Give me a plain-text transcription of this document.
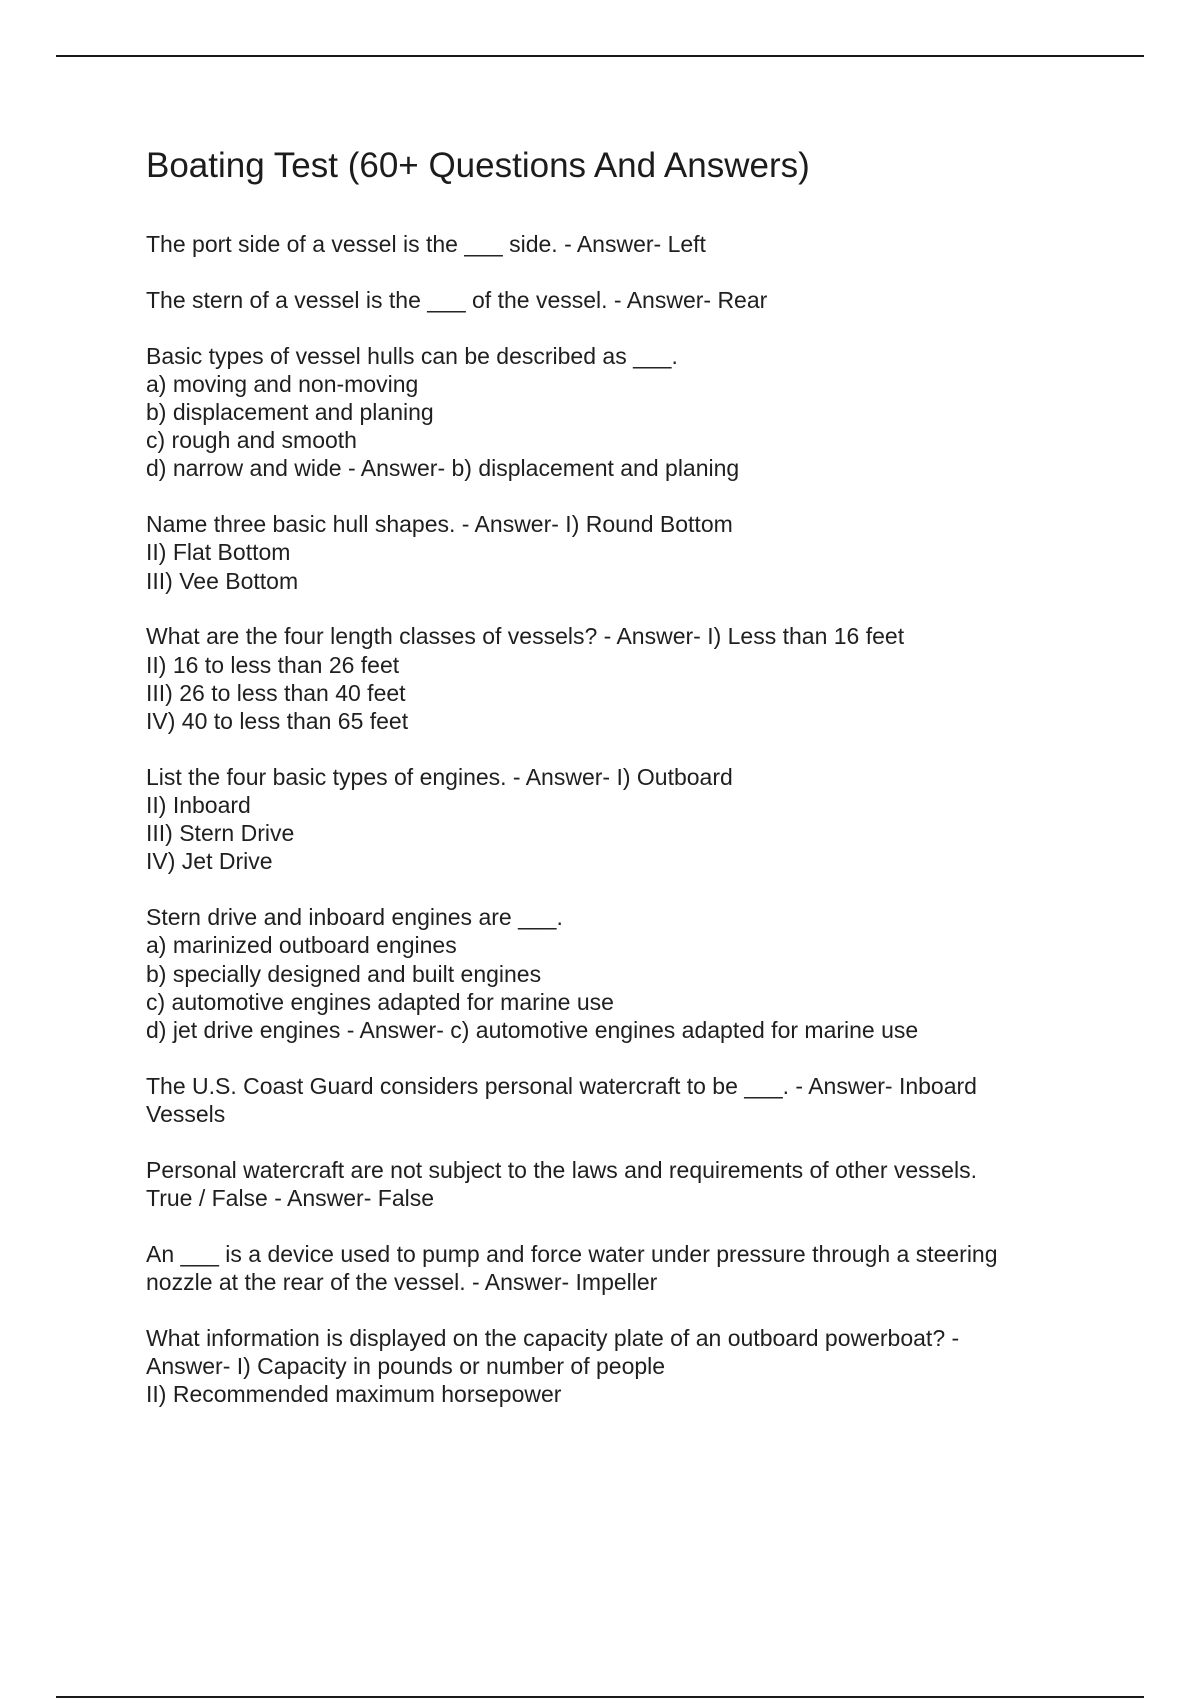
Boating Test (60+ Questions And Answers)
The port side of a vessel is the ___ side. - Answer- Left
The stern of a vessel is the ___ of the vessel. - Answer- Rear
Basic types of vessel hulls can be described as ___.
a) moving and non-moving
b) displacement and planing
c) rough and smooth
d) narrow and wide - Answer- b) displacement and planing
Name three basic hull shapes. - Answer- I) Round Bottom
II) Flat Bottom
III) Vee Bottom
What are the four length classes of vessels? - Answer- I) Less than 16 feet
II) 16 to less than 26 feet
III) 26 to less than 40 feet
IV) 40 to less than 65 feet
List the four basic types of engines. - Answer- I) Outboard
II) Inboard
III) Stern Drive
IV) Jet Drive
Stern drive and inboard engines are ___.
a) marinized outboard engines
b) specially designed and built engines
c) automotive engines adapted for marine use
d) jet drive engines - Answer- c) automotive engines adapted for marine use
The U.S. Coast Guard considers personal watercraft to be ___. - Answer- Inboard
Vessels
Personal watercraft are not subject to the laws and requirements of other vessels.
True / False - Answer- False
An ___ is a device used to pump and force water under pressure through a steering
nozzle at the rear of the vessel. - Answer- Impeller
What information is displayed on the capacity plate of an outboard powerboat? -
Answer- I) Capacity in pounds or number of people
II) Recommended maximum horsepower
